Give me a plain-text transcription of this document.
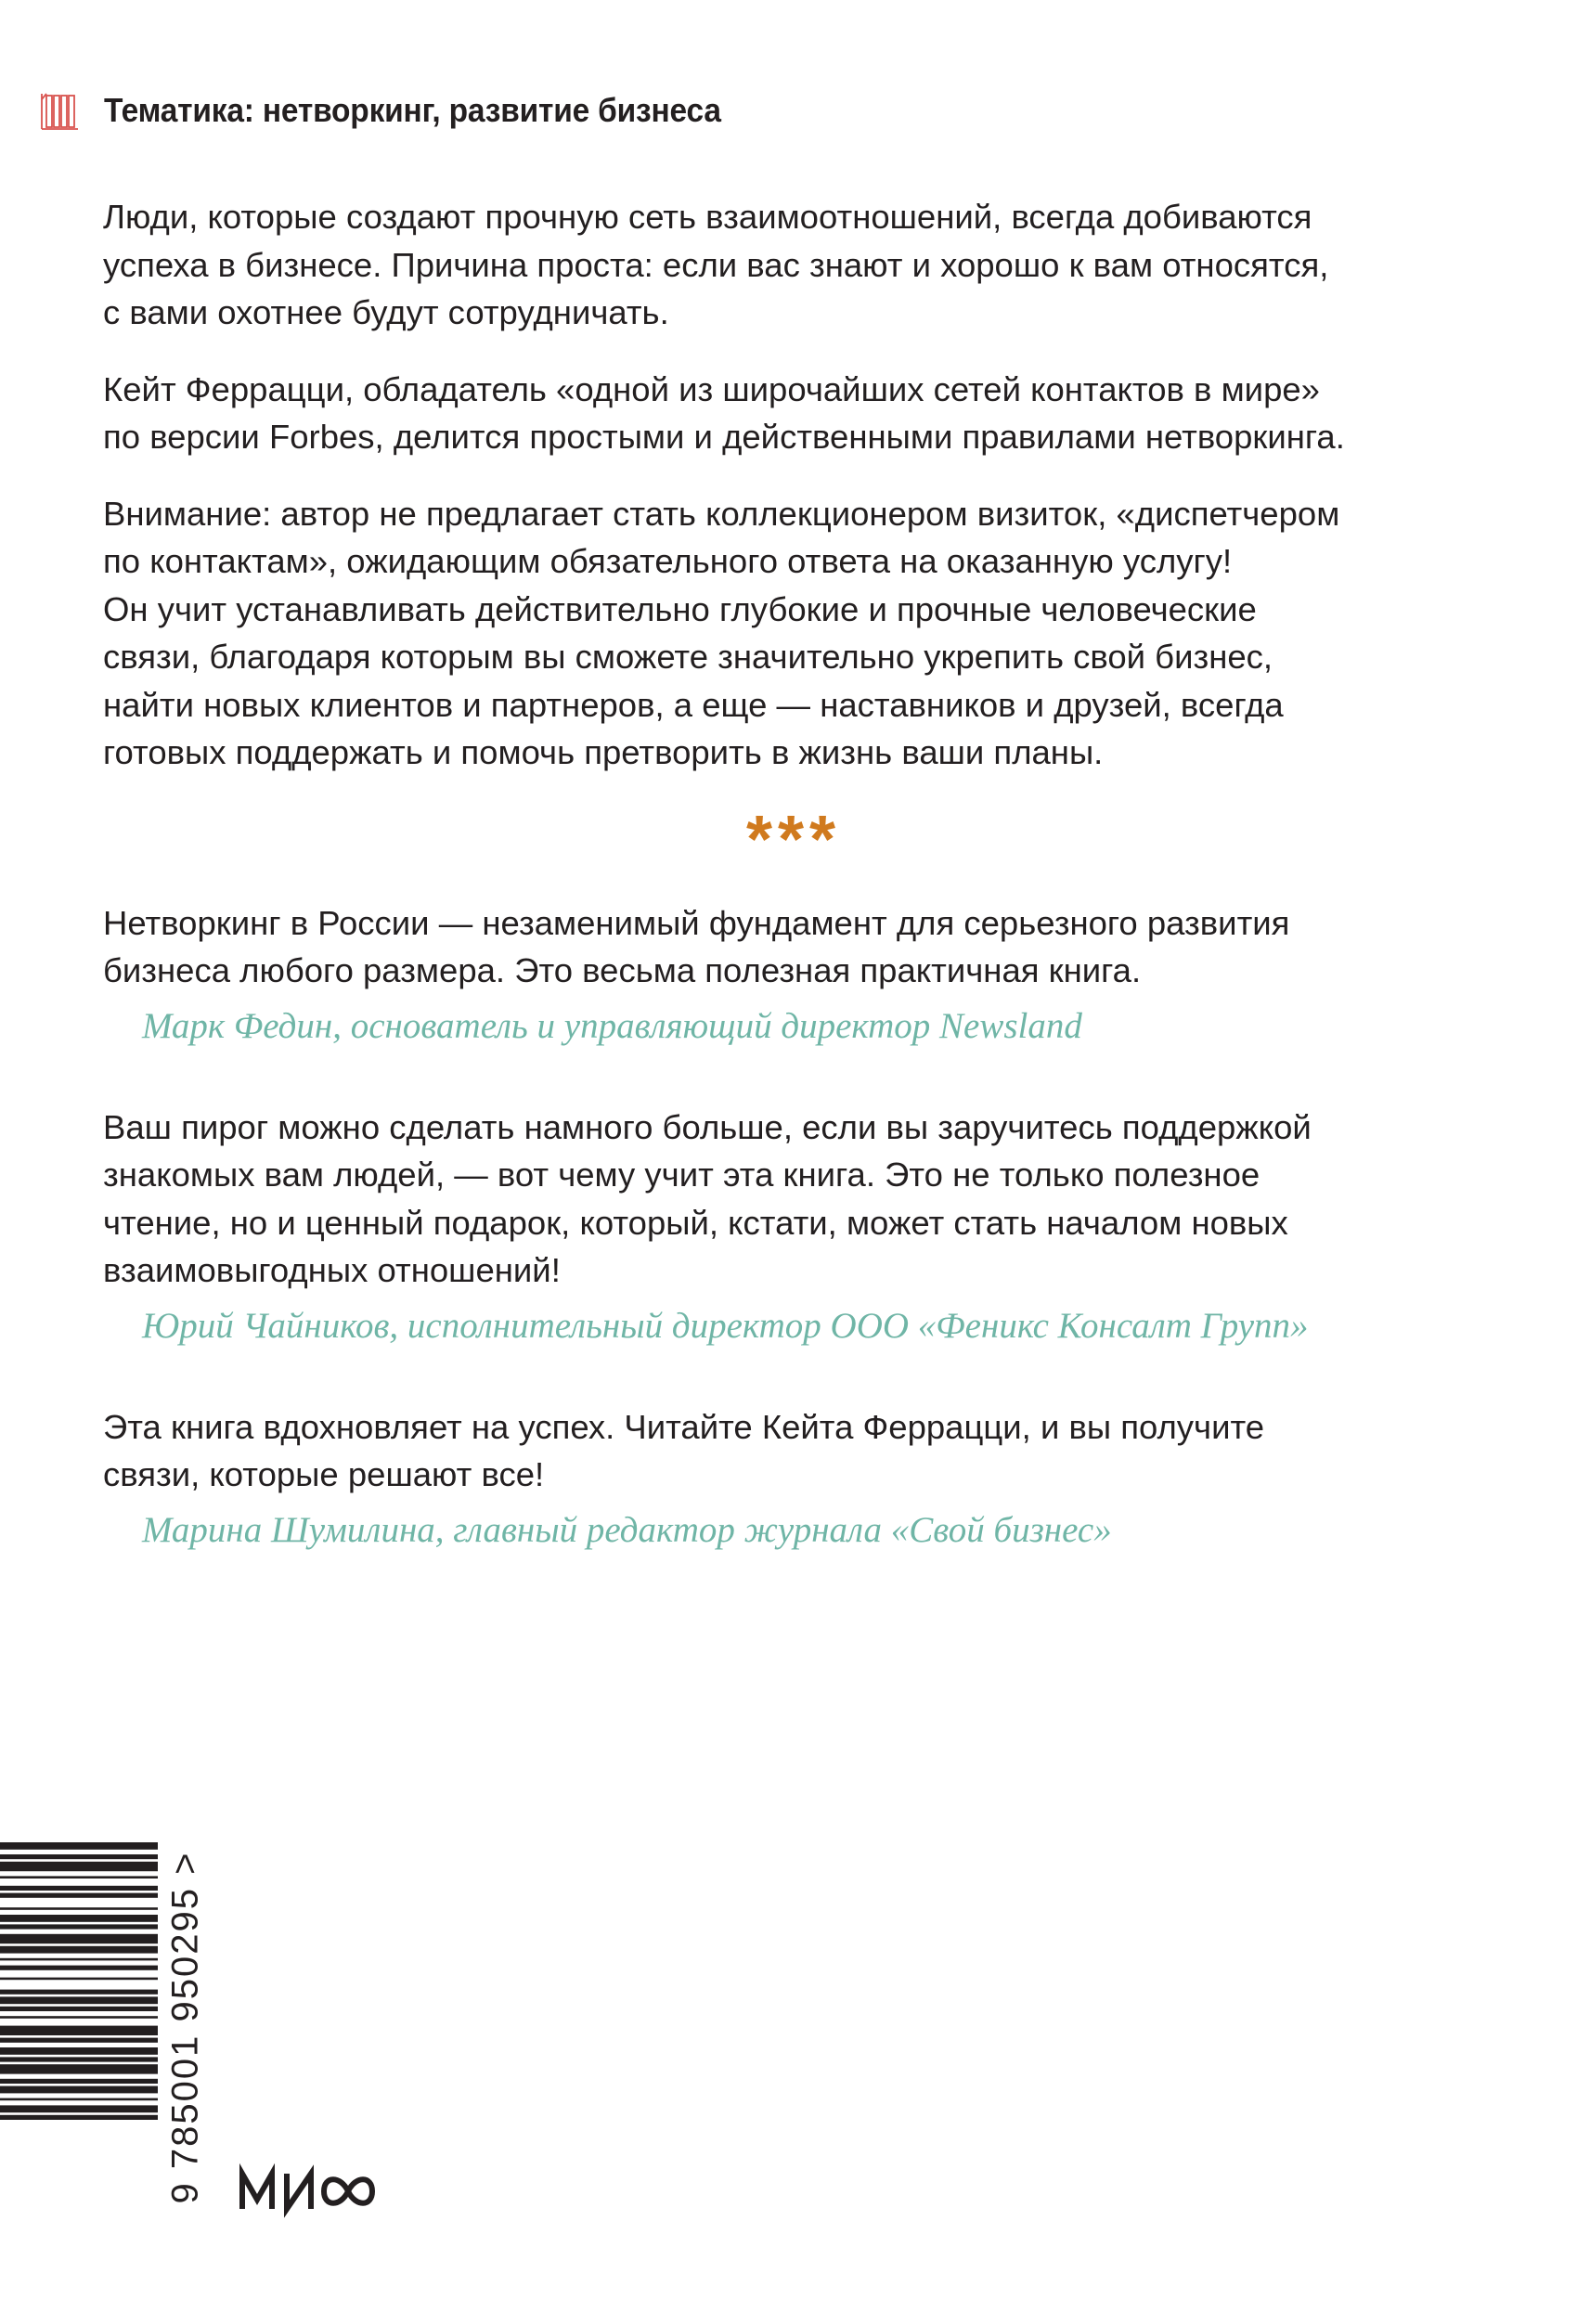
Тематика: нетворкинг, развитие бизнеса

Люди, которые создают прочную сеть взаимоотношений, всегда добиваются
успеха в бизнесе. Причина проста: если вас знают и хорошо к вам относятся,
с вами охотнее будут сотрудничать.

Кейт Феррацци, обладатель «одной из широчайших сетей контактов в мире»
по версии Forbes, делится простыми и действенными правилами нетворкинга.

Внимание: автор не предлагает стать коллекционером визиток, «диспетчером
по контактам», ожидающим обязательного ответа на оказанную услугу!
Он учит устанавливать действительно глубокие и прочные человеческие
связи, благодаря которым вы сможете значительно укрепить свой бизнес,
найти новых клиентов и партнеров, а еще — наставников и друзей, всегда
готовых поддержать и помочь претворить в жизнь ваши планы.

***

Нетворкинг в России — незаменимый фундамент для серьезного развития
бизнеса любого размера. Это весьма полезная практичная книга.

Марк Федин, основатель и управляющий директор Newsland

Ваш пирог можно сделать намного больше, если вы заручитесь поддержкой
знакомых вам людей, — вот чему учит эта книга. Это не только полезное
чтение, но и ценный подарок, который, кстати, может стать началом новых
взаимовыгодных отношений!

Юрий Чайников, исполнительный директор ООО «Феникс Консалт Групп»

Эта книга вдохновляет на успех. Читайте Кейта Феррацци, и вы получите
связи, которые решают все!

Марина Шумилина, главный редактор журнала «Свой бизнес»
9 785001 950295 >
